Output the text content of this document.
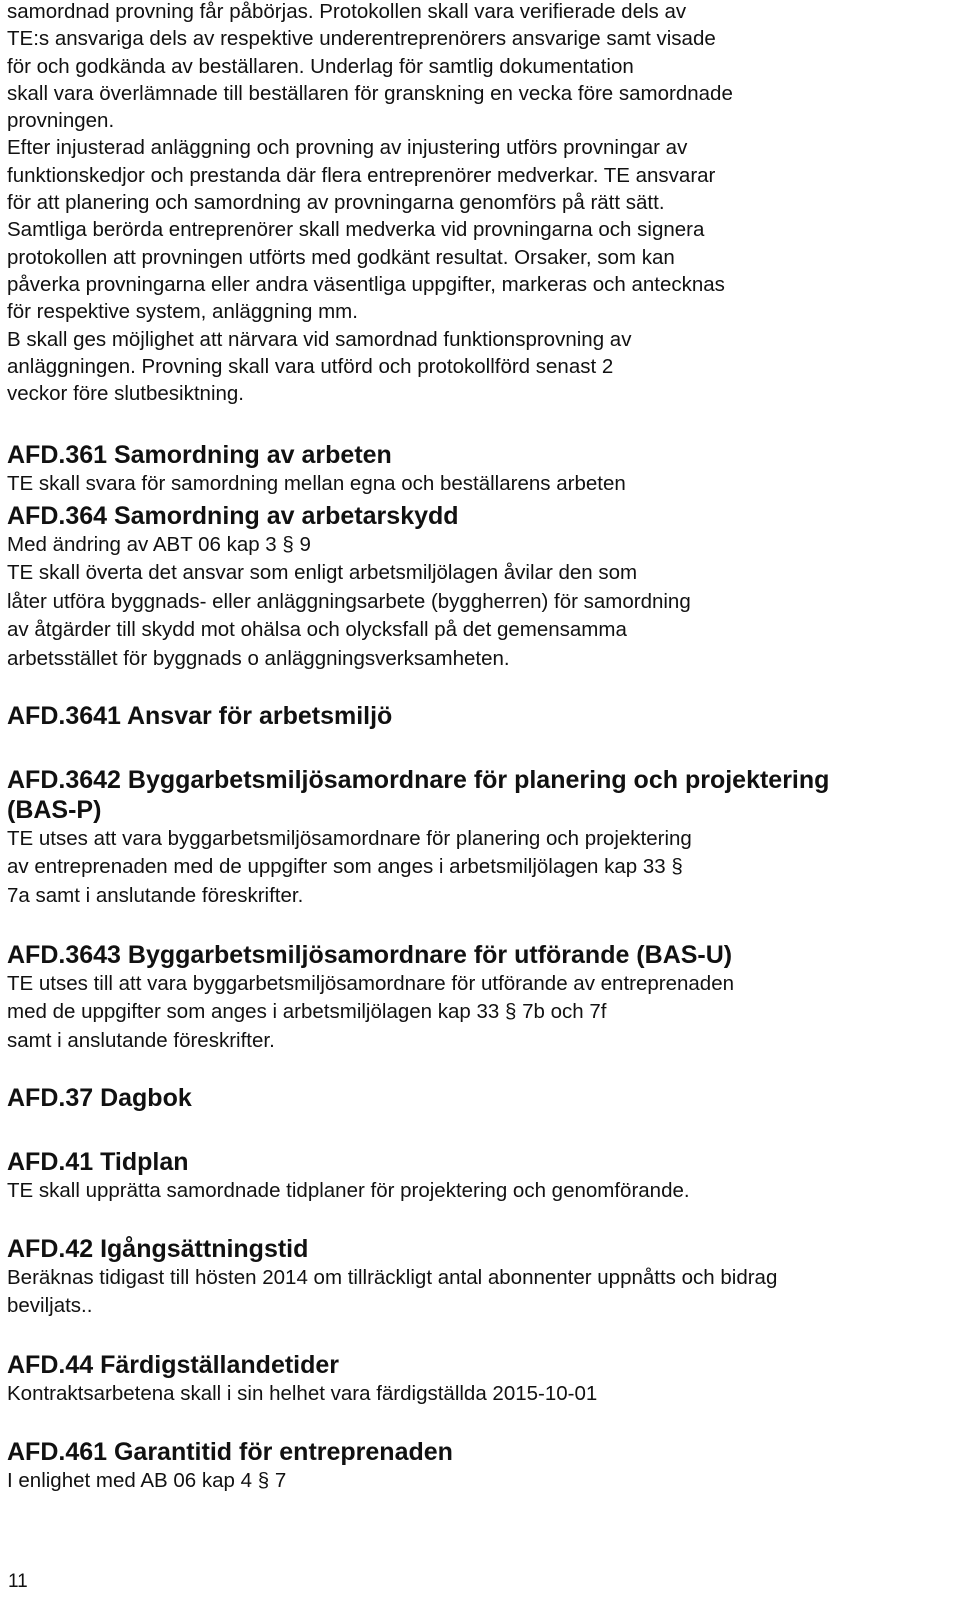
samordnad provning får påbörjas. Protokollen skall vara verifierade dels av
TE:s ansvariga dels av respektive underentreprenörers ansvarige samt visade
för och godkända av beställaren. Underlag för samtlig dokumentation
skall vara överlämnade till beställaren för granskning en vecka före samordnade
provningen.
Efter injusterad anläggning och provning av injustering utförs provningar av
funktionskedjor och prestanda där flera entreprenörer medverkar. TE ansvarar
för att planering och samordning av provningarna genomförs på rätt sätt.
Samtliga berörda entreprenörer skall medverka vid provningarna och signera
protokollen att provningen utförts med godkänt resultat. Orsaker, som kan
påverka provningarna eller andra väsentliga uppgifter, markeras och antecknas
för respektive system, anläggning mm.
B skall ges möjlighet att närvara vid samordnad funktionsprovning av
anläggningen. Provning skall vara utförd och protokollförd senast 2
veckor före slutbesiktning.
AFD.361 Samordning av arbeten
TE skall svara för samordning mellan egna och beställarens arbeten
AFD.364 Samordning av arbetarskydd
Med ändring av ABT 06 kap 3 § 9
TE skall överta det ansvar som enligt arbetsmiljölagen åvilar den som
låter utföra byggnads- eller anläggningsarbete (byggherren) för samordning
av åtgärder till skydd mot ohälsa och olycksfall på det gemensamma
arbetsstället för byggnads o anläggningsverksamheten.
AFD.3641 Ansvar för arbetsmiljö
AFD.3642 Byggarbetsmiljösamordnare för planering och projektering
(BAS-P)
TE utses att vara byggarbetsmiljösamordnare för planering och projektering
av entreprenaden med de uppgifter som anges i arbetsmiljölagen kap 33 §
7a samt i anslutande föreskrifter.
AFD.3643 Byggarbetsmiljösamordnare för utförande (BAS-U)
TE utses till att vara byggarbetsmiljösamordnare för utförande av entreprenaden
med de uppgifter som anges i arbetsmiljölagen kap 33 § 7b och 7f
samt i anslutande föreskrifter.
AFD.37 Dagbok
AFD.41 Tidplan
TE skall upprätta samordnade tidplaner för projektering och genomförande.
AFD.42 Igångsättningstid
Beräknas tidigast till hösten 2014 om tillräckligt antal abonnenter uppnåtts och bidrag
beviljats..
AFD.44 Färdigställandetider
Kontraktsarbetena skall i sin helhet vara färdigställda 2015-10-01
AFD.461 Garantitid för entreprenaden
I enlighet med AB 06 kap 4 § 7
11
